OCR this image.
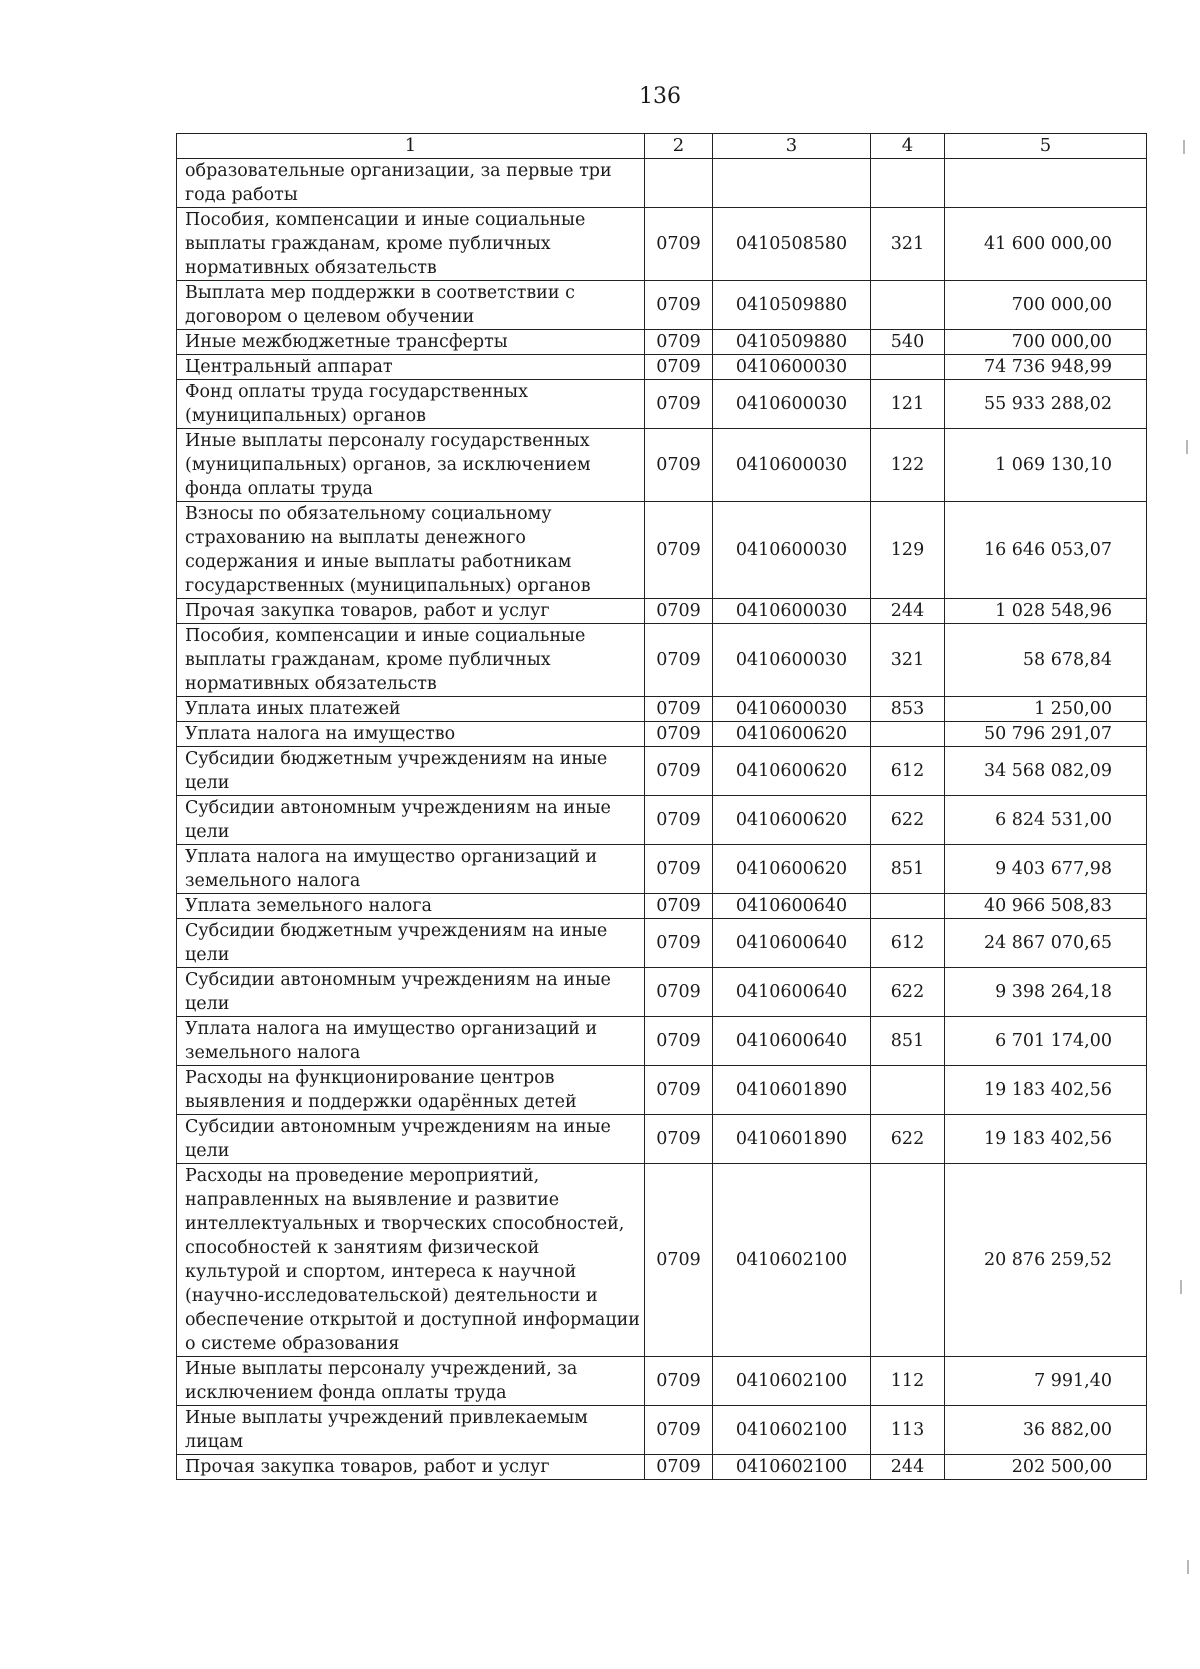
136
1	2	3	4	5
образовательные организации, за первые три года работы				
Пособия, компенсации и иные социальные выплаты гражданам, кроме публичных нормативных обязательств	0709	0410508580	321	41 600 000,00
Выплата мер поддержки в соответствии с договором о целевом обучении	0709	0410509880		700 000,00
Иные межбюджетные трансферты	0709	0410509880	540	700 000,00
Центральный аппарат	0709	0410600030		74 736 948,99
Фонд оплаты труда государственных (муниципальных) органов	0709	0410600030	121	55 933 288,02
Иные выплаты персоналу государственных (муниципальных) органов, за исключением фонда оплаты труда	0709	0410600030	122	1 069 130,10
Взносы по обязательному социальному страхованию на выплаты денежного содержания и иные выплаты работникам государственных (муниципальных) органов	0709	0410600030	129	16 646 053,07
Прочая закупка товаров, работ и услуг	0709	0410600030	244	1 028 548,96
Пособия, компенсации и иные социальные выплаты гражданам, кроме публичных нормативных обязательств	0709	0410600030	321	58 678,84
Уплата иных платежей	0709	0410600030	853	1 250,00
Уплата налога на имущество	0709	0410600620		50 796 291,07
Субсидии бюджетным учреждениям на иные цели	0709	0410600620	612	34 568 082,09
Субсидии автономным учреждениям на иные цели	0709	0410600620	622	6 824 531,00
Уплата налога на имущество организаций и земельного налога	0709	0410600620	851	9 403 677,98
Уплата земельного налога	0709	0410600640		40 966 508,83
Субсидии бюджетным учреждениям на иные цели	0709	0410600640	612	24 867 070,65
Субсидии автономным учреждениям на иные цели	0709	0410600640	622	9 398 264,18
Уплата налога на имущество организаций и земельного налога	0709	0410600640	851	6 701 174,00
Расходы на функционирование центров выявления и поддержки одарённых детей	0709	0410601890		19 183 402,56
Субсидии автономным учреждениям на иные цели	0709	0410601890	622	19 183 402,56
Расходы на проведение мероприятий, направленных на выявление и развитие интеллектуальных и творческих способностей, способностей к занятиям физической культурой и спортом, интереса к научной (научно-исследовательской) деятельности и обеспечение открытой и доступной информации о системе образования	0709	0410602100		20 876 259,52
Иные выплаты персоналу учреждений, за исключением фонда оплаты труда	0709	0410602100	112	7 991,40
Иные выплаты учреждений привлекаемым лицам	0709	0410602100	113	36 882,00
Прочая закупка товаров, работ и услуг	0709	0410602100	244	202 500,00
